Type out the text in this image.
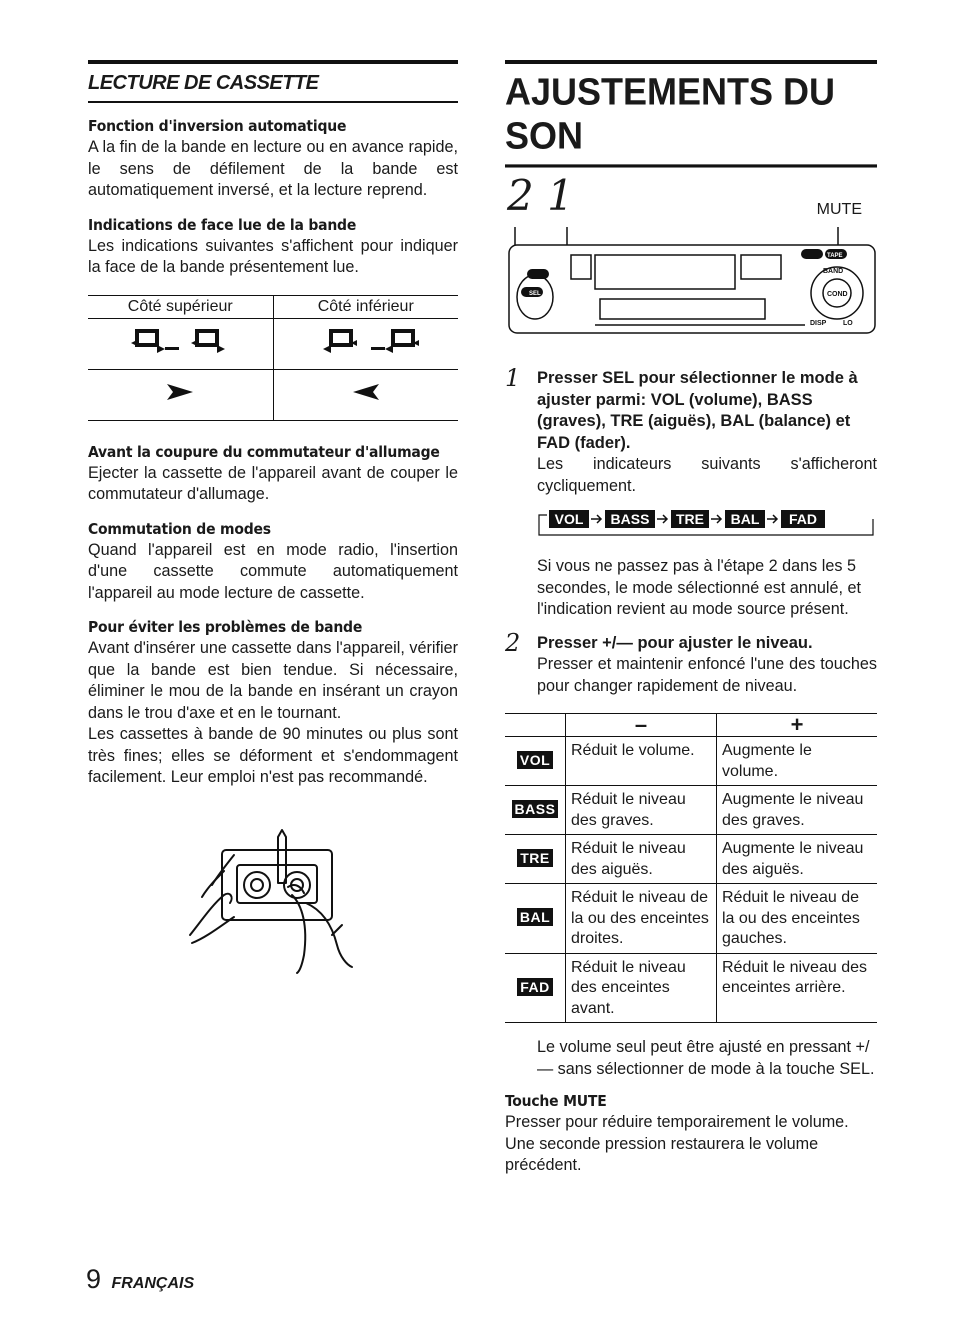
LECTURE DE CASSETTE
Fonction d'inversion automatique

A la fin de la bande en lecture ou en avance rapide, le sens de défilement de la bande est automatiquement inversé, et la lecture reprend.

Indications de face lue de la bande

Les indications suivantes s'affichent pour indiquer la face de la bande présentement lue.

Côté supérieur	Côté inférieur

Avant la coupure du commutateur d'allumage

Ejecter la cassette de l'appareil avant de couper le commutateur d'allumage.

Commutation de modes

Quand l'appareil est en mode radio, l'insertion d'une cassette commute automatiquement l'appareil au mode lecture de cassette.

Pour éviter les problèmes de bande

Avant d'insérer une cassette dans l'appareil, vérifier que la bande est bien tendue. Si nécessaire, éliminer le mou de la bande en insérant un crayon dans le trou d'axe et en le tournant.

Les cassettes à bande de 90 minutes ou plus sont très fines; elles se déforment et s'endommagent facilement. Leur emploi n'est pas recommandé.

AJUSTEMENTS DU SON
2 1	MUTE
SEL
TAPE
BAND
COND
DISP LO
1 Presser SEL pour sélectionner le mode à ajuster parmi: VOL (volume), BASS (graves), TRE (aiguës), BAL (balance) et FAD (fader).

Les indicateurs suivants s'afficheront cycliquement.

VOL BASS TRE BAL FAD

Si vous ne passez pas à l'étape 2 dans les 5 secondes, le mode sélectionné est annulé, et l'indication revient au mode source présent.

2 Presser +/— pour ajuster le niveau.

Presser et maintenir enfoncé l'une des touches pour changer rapidement de niveau.

	–	+
VOL	Réduit le volume.	Augmente le volume.
BASS	Réduit le niveau des graves.	Augmente le niveau des graves.
TRE	Réduit le niveau des aiguës.	Augmente le niveau des aiguës.
BAL	Réduit le niveau de la ou des enceintes droites.	Réduit le niveau de la ou des enceintes gauches.
FAD	Réduit le niveau des enceintes avant.	Réduit le niveau des enceintes arrière.

Le volume seul peut être ajusté en pressant +/— sans sélectionner de mode à la touche SEL.

Touche MUTE

Presser pour réduire temporairement le volume. Une seconde pression restaurera le volume précédent.

9 FRANÇAIS
